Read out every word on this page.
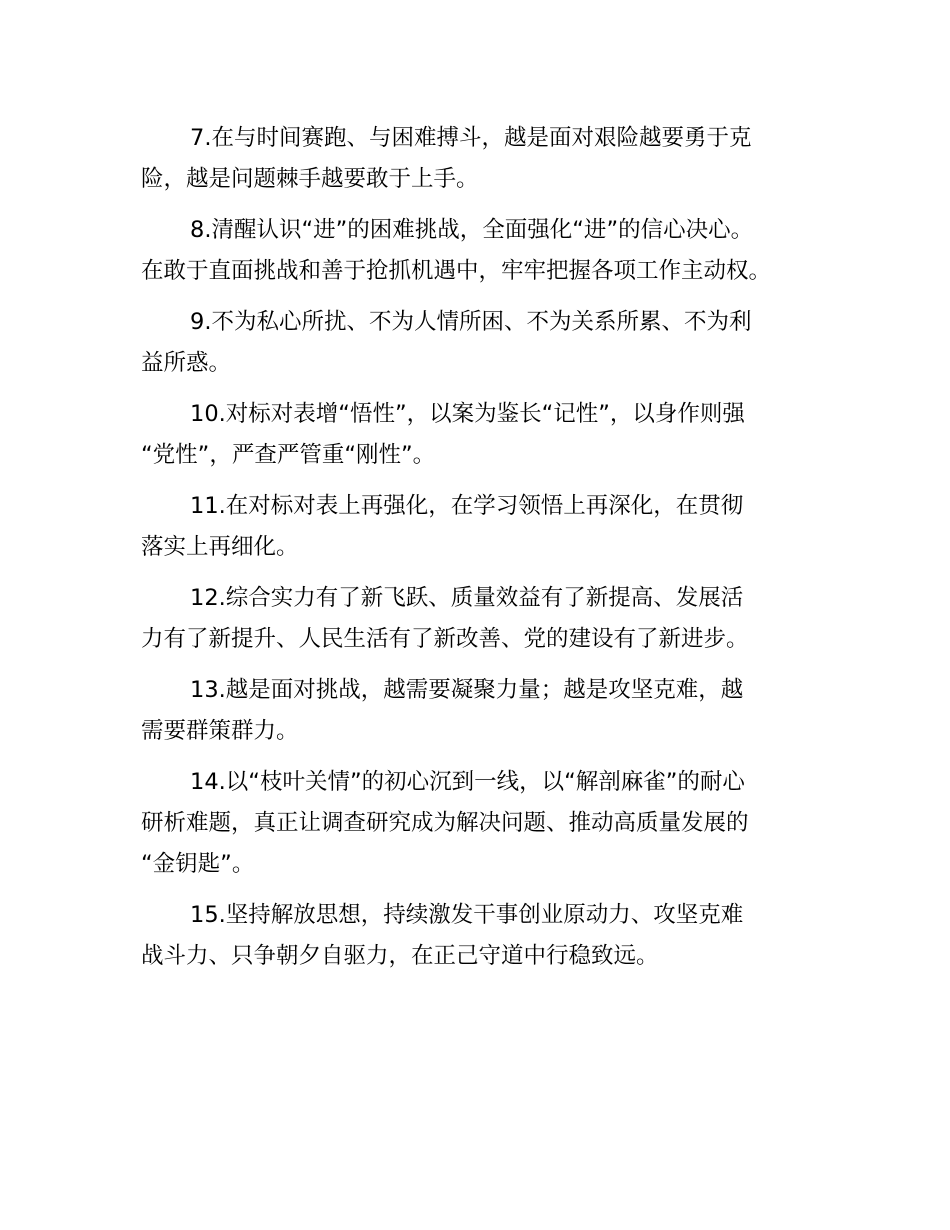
7.在与时间赛跑、与困难搏斗，越是面对艰险越要勇于克
险，越是问题棘手越要敢于上手。

8.清醒认识“进”的困难挑战，全面强化“进”的信心决心。
在敢于直面挑战和善于抢抓机遇中，牢牢把握各项工作主动权。

9.不为私心所扰、不为人情所困、不为关系所累、不为利
益所惑。

10.对标对表增“悟性”，以案为鉴长“记性”，以身作则强
“党性”，严查严管重“刚性”。

11.在对标对表上再强化，在学习领悟上再深化，在贯彻
落实上再细化。

12.综合实力有了新飞跃、质量效益有了新提高、发展活
力有了新提升、人民生活有了新改善、党的建设有了新进步。

13.越是面对挑战，越需要凝聚力量；越是攻坚克难，越
需要群策群力。

14.以“枝叶关情”的初心沉到一线，以“解剖麻雀”的耐心
研析难题，真正让调查研究成为解决问题、推动高质量发展的
“金钥匙”。

15.坚持解放思想，持续激发干事创业原动力、攻坚克难
战斗力、只争朝夕自驱力，在正己守道中行稳致远。
